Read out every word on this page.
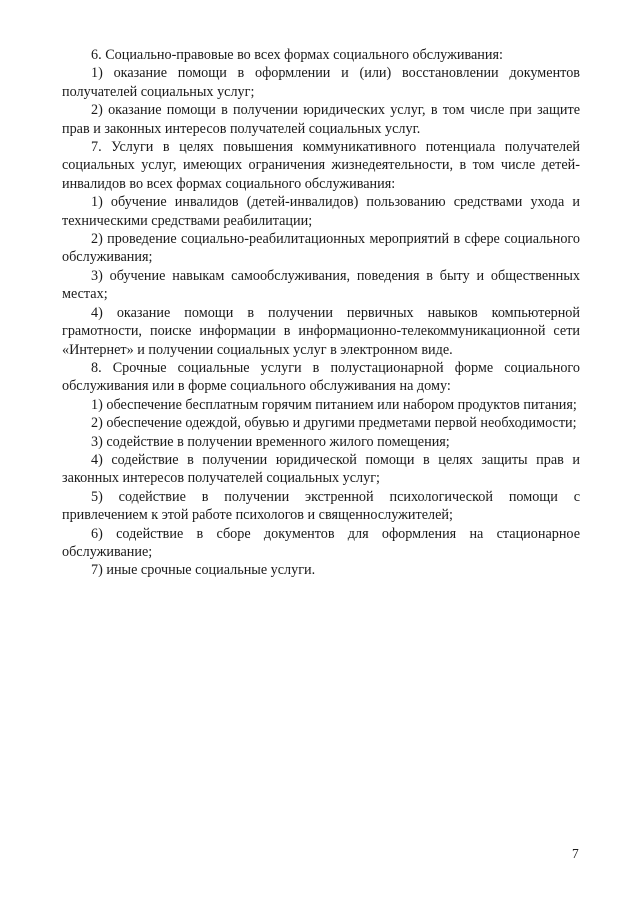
6. Социально-правовые во всех формах социального обслуживания:

1) оказание помощи в оформлении и (или) восстановлении документов получателей социальных услуг;

2) оказание помощи в получении юридических услуг, в том числе при защите прав и законных интересов получателей социальных услуг.

7. Услуги в целях повышения коммуникативного потенциала получателей социальных услуг, имеющих ограничения жизнедеятельности, в том числе детей-инвалидов во всех формах социального обслуживания:

1) обучение инвалидов (детей-инвалидов) пользованию средствами ухода и техническими средствами реабилитации;

2) проведение социально-реабилитационных мероприятий в сфере социального обслуживания;

3) обучение навыкам самообслуживания, поведения в быту и общественных местах;

4) оказание помощи в получении первичных навыков компьютерной грамотности, поиске информации в информационно-телекоммуникационной сети «Интернет» и получении социальных услуг в электронном виде.

8. Срочные социальные услуги в полустационарной форме социального обслуживания или в форме социального обслуживания на дому:

1) обеспечение бесплатным горячим питанием или набором продуктов питания;

2) обеспечение одеждой, обувью и другими предметами первой необходимости;

3) содействие в получении временного жилого помещения;

4) содействие в получении юридической помощи в целях защиты прав и законных интересов получателей социальных услуг;

5) содействие в получении экстренной психологической помощи с привлечением к этой работе психологов и священнослужителей;

6) содействие в сборе документов для оформления на стационарное обслуживание;

7) иные срочные социальные услуги.

7
